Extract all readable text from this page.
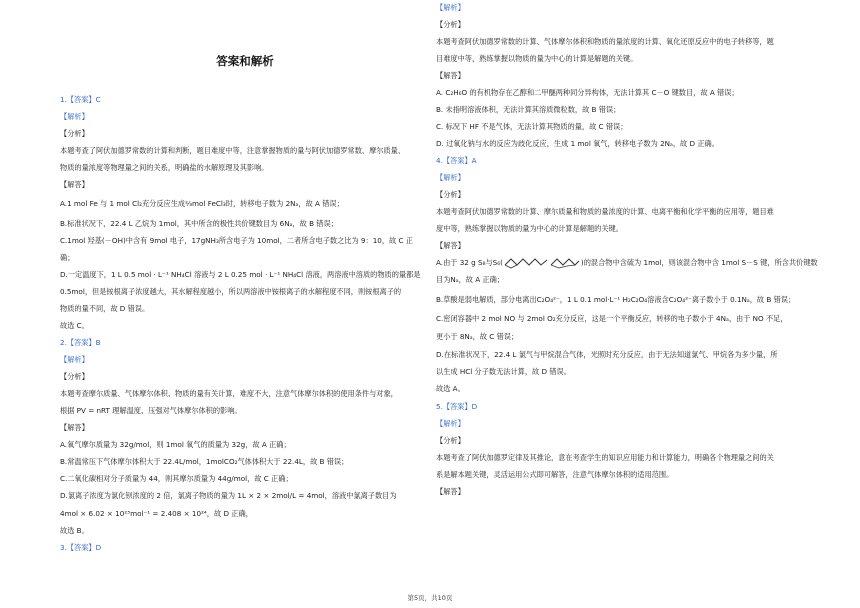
答案和解析
1.【答案】C
【解析】
【分析】
本题考查了阿伏加德罗常数的计算和判断，题目难度中等，注意掌握物质的量与阿伏加德罗常数、摩尔质量、
物质的量浓度等物理量之间的关系，明确盐的水解原理及其影响。
【解答】
A.1 mol Fe 与 1 mol Cl₂充分反应生成⅔mol FeCl₃时，转移电子数为 2Nₐ，故 A 错误；
B.标准状况下，22.4 L 乙烷为 1mol，其中所含的极性共价键数目为 6Nₐ，故 B 错误；
C.1mol 羟基(－OH)中含有 9mol 电子，17gNH₃所含电子为 10mol，二者所含电子数之比为 9：10，故 C 正
确；
D.一定温度下，1 L 0.5 mol · L⁻¹ NH₄Cl 溶液与 2 L 0.25 mol · L⁻¹ NH₄Cl 溶液，两溶液中溶质的物质的量都是
0.5mol，但是铵根离子浓度越大，其水解程度越小，所以两溶液中铵根离子的水解程度不同，则铵根离子的
物质的量不同，故 D 错误。
故选 C。
2.【答案】B
【解析】
【分析】
本题考查摩尔质量、气体摩尔体积、物质的量有关计算，难度不大，注意气体摩尔体积的使用条件与对象，
根据 PV = nRT 理解温度、压强对气体摩尔体积的影响。
【解答】
A.氧气摩尔质量为 32g/mol，则 1mol 氧气的质量为 32g，故 A 正确；
B.常温常压下气体摩尔体积大于 22.4L/mol，1molCO₂气体体积大于 22.4L，故 B 错误；
C.二氧化碳相对分子质量为 44，则其摩尔质量为 44g/mol，故 C 正确；
D.氯离子浓度为氯化钡浓度的 2 倍，氯离子物质的量为 1L × 2 × 2mol/L = 4mol，溶液中氯离子数目为
4mol × 6.02 × 10²³mol⁻¹ = 2.408 × 10²⁴，故 D 正确，
故选 B。
3.【答案】D
【解析】
【分析】
本题考查阿伏加德罗常数的计算、气体摩尔体积和物质的量浓度的计算、氧化还原反应中的电子转移等，题
目难度中等，熟练掌握以物质的量为中心的计算是解题的关键。
【解答】
A. C₂H₆O 的有机物存在乙醇和二甲醚两种同分异构体，无法计算其 C－O 键数目，故 A 错误；
B. 未指明溶液体积，无法计算其溶质微粒数，故 B 错误；
C. 标况下 HF 不是气体，无法计算其物质的量，故 C 错误；
D. 过氧化钠与水的反应为歧化反应，生成 1 mol 氧气，转移电子数为 2Nₐ，故 D 正确。
4.【答案】A
【解析】
【分析】
本题考查阿伏加德罗常数的计算、摩尔质量和物质的量浓度的计算、电离平衡和化学平衡的应用等，题目难
度中等，熟练掌握以物质的量为中心的计算是解题的关键。
【解答】
A.由于 32 g S₈与S₆(	)的混合物中含硫为 1mol，则该混合物中含 1mol S－S 键，所含共价键数
目为Nₐ，故 A 正确；
B.草酸是弱电解质，部分电离出C₂O₄²⁻，1 L 0.1 mol·L⁻¹ H₂C₂O₄溶液含C₂O₄²⁻离子数小于 0.1Nₐ，故 B 错误；
C.密闭容器中 2 mol NO 与 2mol O₂充分反应，这是一个平衡反应，转移的电子数小于 4Nₐ，由于 NO 不足，
更小于 8Nₐ，故 C 错误；
D.在标准状况下，22.4 L 氯气与甲烷混合气体，光照时充分反应，由于无法知道氯气、甲烷各为多少量，所
以生成 HCl 分子数无法计算，故 D 错误。
故选 A。
5.【答案】D
【解析】
【分析】
本题考查了阿伏加德罗定律及其推论，意在考查学生的知识应用能力和计算能力，明确各个物理量之间的关
系是解本题关键，灵活运用公式即可解答，注意气体摩尔体积的适用范围。
【解答】
第5页，共10页
